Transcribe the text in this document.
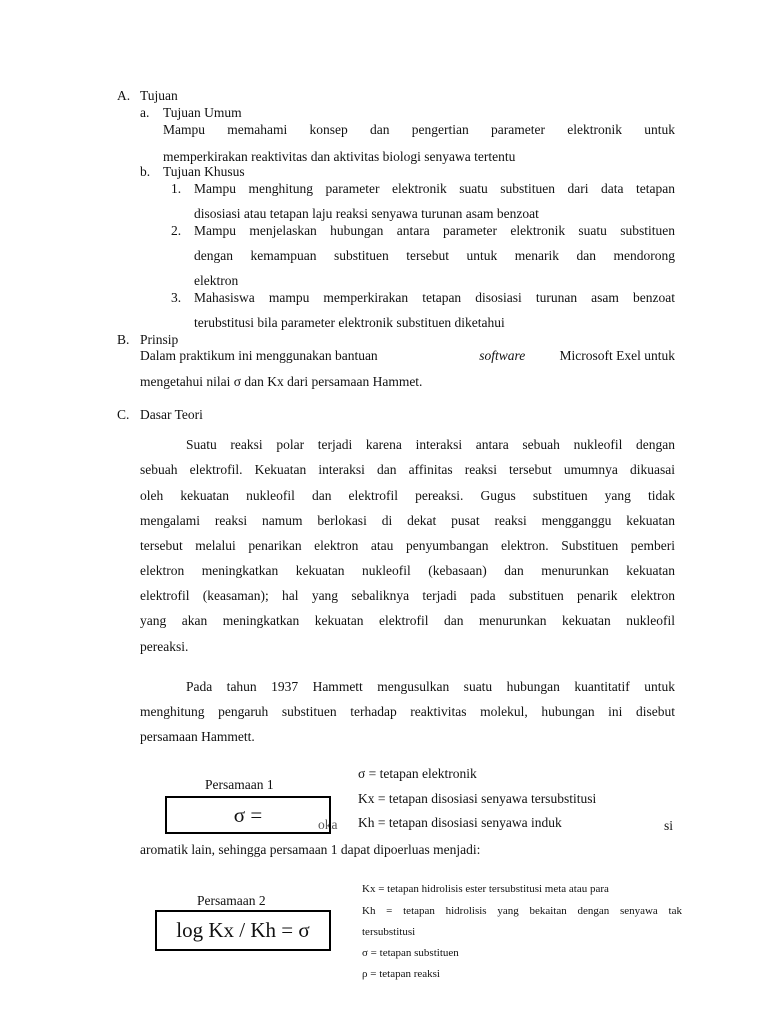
A. Tujuan
a. Tujuan Umum
Mampu memahami konsep dan pengertian parameter elektronik untuk
memperkirakan reaktivitas dan aktivitas biologi senyawa tertentu
b. Tujuan Khusus
1. Mampu menghitung parameter elektronik suatu substituen dari data tetapan
disosiasi atau tetapan laju reaksi senyawa turunan asam benzoat
2. Mampu menjelaskan hubungan antara parameter elektronik suatu substituen
dengan kemampuan substituen tersebut untuk menarik dan mendorong
elektron
3. Mahasiswa mampu memperkirakan tetapan disosiasi turunan asam benzoat
terubstitusi bila parameter elektronik substituen diketahui
B. Prinsip
Dalam praktikum ini menggunakan bantuan	software	Microsoft Exel untuk
mengetahui nilai σ dan Kx dari persamaan Hammet.
C. Dasar Teori
Suatu reaksi polar terjadi karena interaksi antara sebuah nukleofil dengan
sebuah elektrofil. Kekuatan interaksi dan affinitas reaksi tersebut umumnya dikuasai
oleh kekuatan nukleofil dan elektrofil pereaksi. Gugus substituen yang tidak
mengalami reaksi namum berlokasi di dekat pusat reaksi mengganggu kekuatan
tersebut melalui penarikan elektron atau penyumbangan elektron. Substituen pemberi
elektron meningkatkan kekuatan nukleofil (kebasaan) dan menurunkan kekuatan
elektrofil (keasaman); hal yang sebaliknya terjadi pada substituen penarik elektron
yang akan meningkatkan kekuatan elektrofil dan menurunkan kekuatan nukleofil
pereaksi.
Pada tahun 1937 Hammett mengusulkan suatu hubungan kuantitatif untuk
menghitung pengaruh substituen terhadap reaktivitas molekul, hubungan ini disebut
persamaan Hammett.
Persamaan 1
oka
σ =
σ = tetapan elektronik
Kx = tetapan disosiasi senyawa tersubstitusi
Kh = tetapan disosiasi senyawa induk	si
aromatik lain, sehingga persamaan 1 dapat dipoerluas menjadi:
Persamaan 2
log Kx / Kh = σ
Kx = tetapan hidrolisis ester tersubstitusi meta atau para
Kh = tetapan hidrolisis yang bekaitan dengan senyawa tak
tersubstitusi
σ = tetapan substituen
ρ = tetapan reaksi
